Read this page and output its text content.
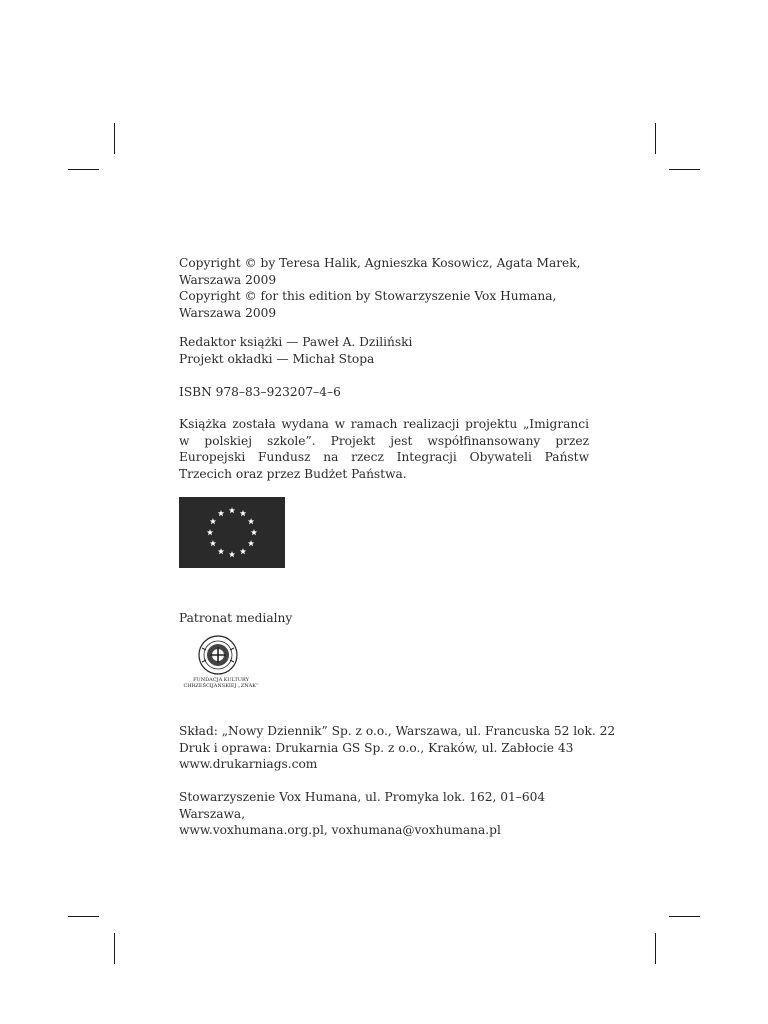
Copyright © by Teresa Halik, Agnieszka Kosowicz, Agata Marek,
Warszawa 2009
Copyright © for this edition by Stowarzyszenie Vox Humana,
Warszawa 2009
Redaktor książki — Paweł A. Dziliński
Projekt okładki — Michał Stopa
ISBN 978–83–923207–4–6
Książka została wydana w ramach realizacji projektu „Imigranci w polskiej szkole”. Projekt jest współfinansowany przez Europejski Fundusz na rzecz Integracji Obywateli Państw Trzecich oraz przez Budżet Państwa.
Patronat medialny
FUNDACJA KULTURY
CHRZEŚCIJAŃSKIEJ „ZNAK”
Skład: „Nowy Dziennik” Sp. z o.o., Warszawa, ul. Francuska 52 lok. 22
Druk i oprawa: Drukarnia GS Sp. z o.o., Kraków, ul. Zabłocie 43
www.drukarniags.com
Stowarzyszenie Vox Humana, ul. Promyka lok. 162, 01–604
Warszawa,
www.voxhumana.org.pl, voxhumana@voxhumana.pl
